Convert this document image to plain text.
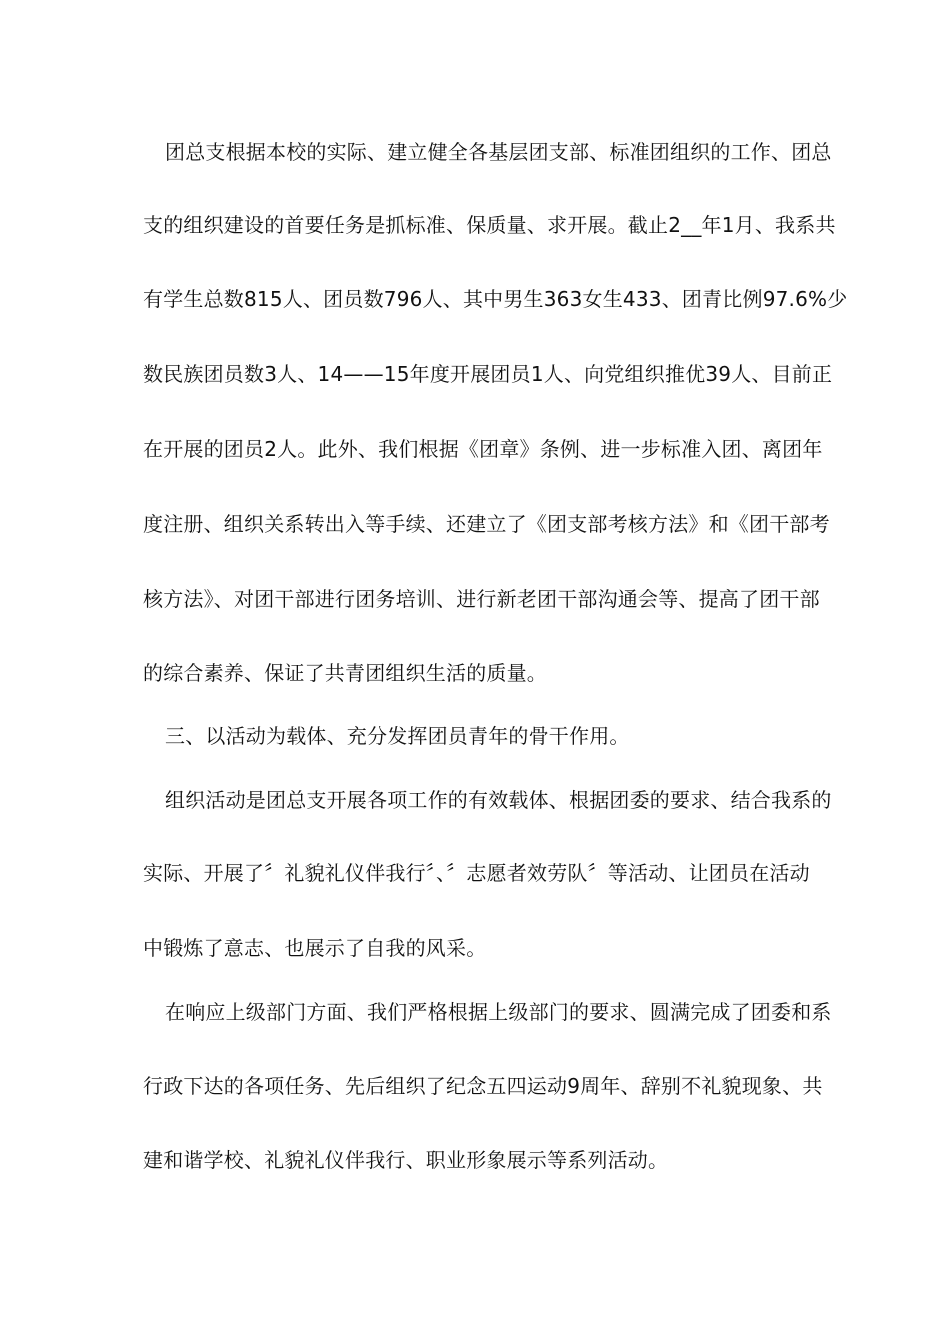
团总支根据本校的实际、建立健全各基层团支部、标准团组织的工作、团总
支的组织建设的首要任务是抓标准、保质量、求开展。截止2__年1月、我系共
有学生总数815人、团员数796人、其中男生363女生433、团青比例97.6%少
数民族团员数3人、14——15年度开展团员1人、向党组织推优39人、目前正
在开展的团员2人。此外、我们根据《团章》条例、进一步标准入团、离团年
度注册、组织关系转出入等手续、还建立了《团支部考核方法》和《团干部考
核方法》、对团干部进行团务培训、进行新老团干部沟通会等、提高了团干部
的综合素养、保证了共青团组织生活的质量。
三、以活动为载体、充分发挥团员青年的骨干作用。
组织活动是团总支开展各项工作的有效载体、根据团委的要求、结合我系的
实际、开展了〞礼貌礼仪伴我行〞、〞志愿者效劳队〞等活动、让团员在活动
中锻炼了意志、也展示了自我的风采。
在响应上级部门方面、我们严格根据上级部门的要求、圆满完成了团委和系
行政下达的各项任务、先后组织了纪念五四运动9周年、辞别不礼貌现象、共
建和谐学校、礼貌礼仪伴我行、职业形象展示等系列活动。
